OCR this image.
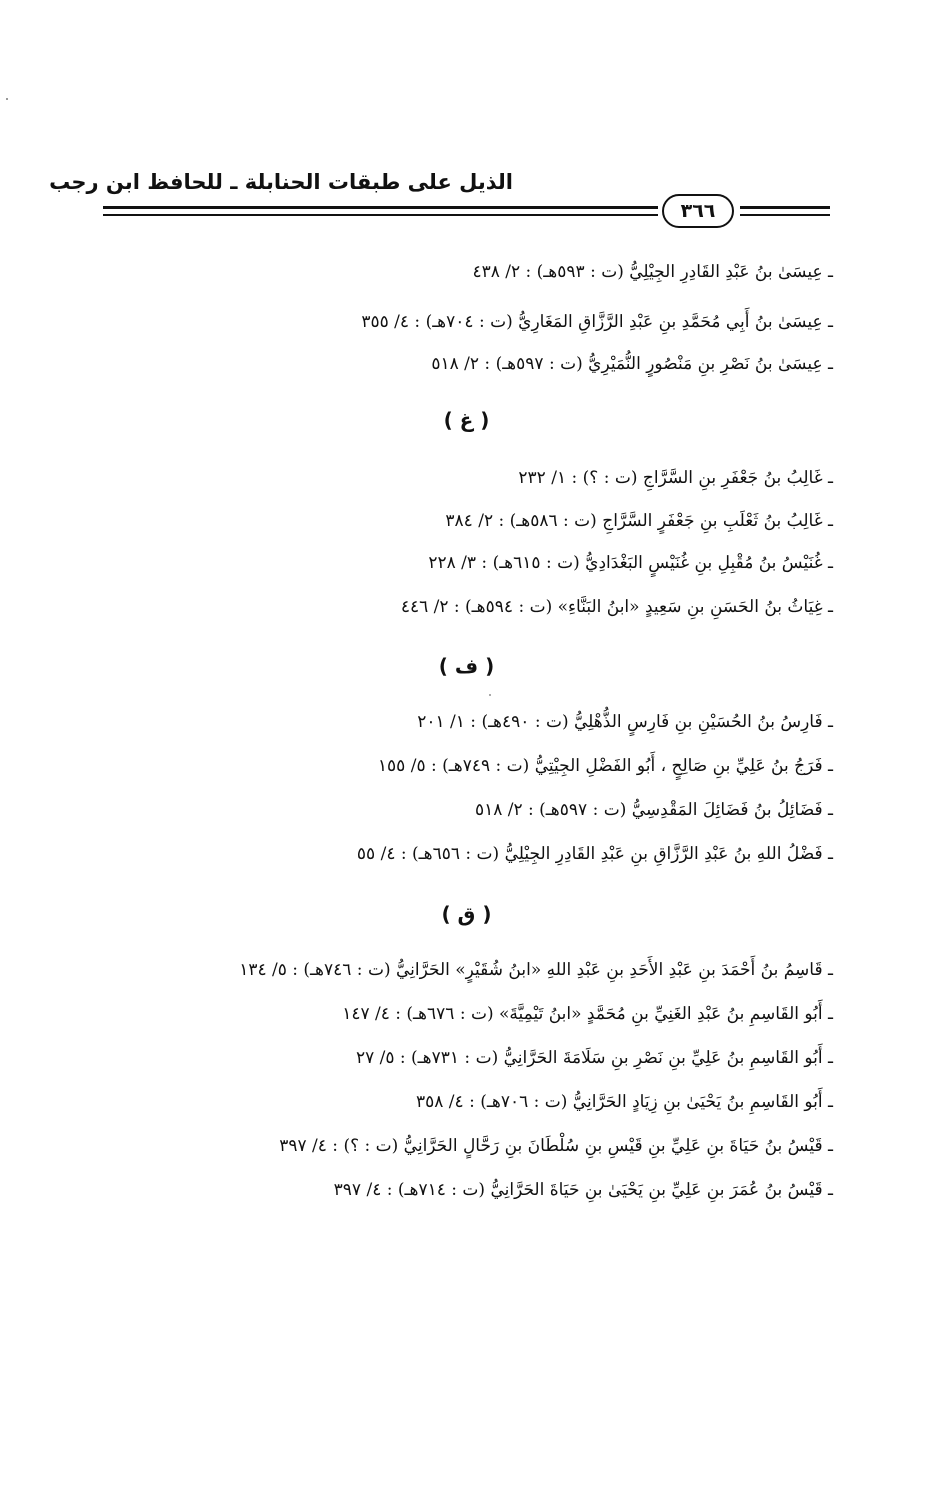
الذيل على طبقات الحنابلة ـ للحافظ ابن رجب
٣٦٦
ـ عِيسَىٰ بنُ عَبْدِ القَادِرِ الجِيْلِيُّ (ت : ٥٩٣هـ) : ٢/ ٤٣٨
ـ عِيسَىٰ بنُ أَبِي مُحَمَّدِ بنِ عَبْدِ الرَّزَّاقِ المَغَارِيُّ (ت : ٧٠٤هـ) : ٤/ ٣٥٥
ـ عِيسَىٰ بنُ نَصْرِ بنِ مَنْصُورٍ النُّمَيْرِيُّ (ت : ٥٩٧هـ) : ٢/ ٥١٨
( غ )
ـ غَالِبُ بنُ جَعْفَرِ بنِ السَّرَّاجِ (ت : ؟) : ١/ ٢٣٢
ـ غَالِبُ بنُ ثَعْلَبِ بنِ جَعْفَرٍ السَّرَّاجِ (ت : ٥٨٦هـ) : ٢/ ٣٨٤
ـ غُنَيْسُ بنُ مُقْبِلِ بنِ غُنَيْسٍ البَغْدَادِيُّ (ت : ٦١٥هـ) : ٣/ ٢٢٨
ـ غِيَاثُ بنُ الحَسَنِ بنِ سَعِيدٍ «ابنُ البَنَّاءِ» (ت : ٥٩٤هـ) : ٢/ ٤٤٦
( ف )
ـ فَارِسُ بنُ الحُسَيْنِ بنِ فَارِسٍ الذُّهْلِيُّ (ت : ٤٩٠هـ) : ١/ ٢٠١
ـ فَرَجُ بنُ عَلِيِّ بنِ صَالِحٍ ، أَبُو الفَضْلِ الجِيْتِيُّ (ت : ٧٤٩هـ) : ٥/ ١٥٥
ـ فَضَائِلُ بنُ فَضَائِلَ المَقْدِسِيُّ (ت : ٥٩٧هـ) : ٢/ ٥١٨
ـ فَضْلُ اللهِ بنُ عَبْدِ الرَّزَّاقِ بنِ عَبْدِ القَادِرِ الجِيْلِيُّ (ت : ٦٥٦هـ) : ٤/ ٥٥
( ق )
ـ قَاسِمُ بنُ أَحْمَدَ بنِ عَبْدِ الأَحَدِ بنِ عَبْدِ اللهِ «ابنُ شُقَيْرٍ» الحَرَّانِيُّ (ت : ٧٤٦هـ) : ٥/ ١٣٤
ـ أَبُو القَاسِمِ بنُ عَبْدِ الغَنِيِّ بنِ مُحَمَّدٍ «ابنُ تَيْمِيَّةَ» (ت : ٦٧٦هـ) : ٤/ ١٤٧
ـ أَبُو القَاسِمِ بنُ عَلِيِّ بنِ نَصْرِ بنِ سَلَامَةَ الحَرَّانِيُّ (ت : ٧٣١هـ) : ٥/ ٢٧
ـ أَبُو القَاسِمِ بنُ يَحْيَىٰ بنِ زِيَادٍ الحَرَّانِيُّ (ت : ٧٠٦هـ) : ٤/ ٣٥٨
ـ قَيْسُ بنُ حَيَاةَ بنِ عَلِيِّ بنِ قَيْسِ بنِ سُلْطَانَ بنِ رَحَّالٍ الحَرَّانِيُّ (ت : ؟) : ٤/ ٣٩٧
ـ قَيْسُ بنُ عُمَرَ بنِ عَلِيِّ بنِ يَحْيَىٰ بنِ حَيَاةَ الحَرَّانِيُّ (ت : ٧١٤هـ) : ٤/ ٣٩٧
